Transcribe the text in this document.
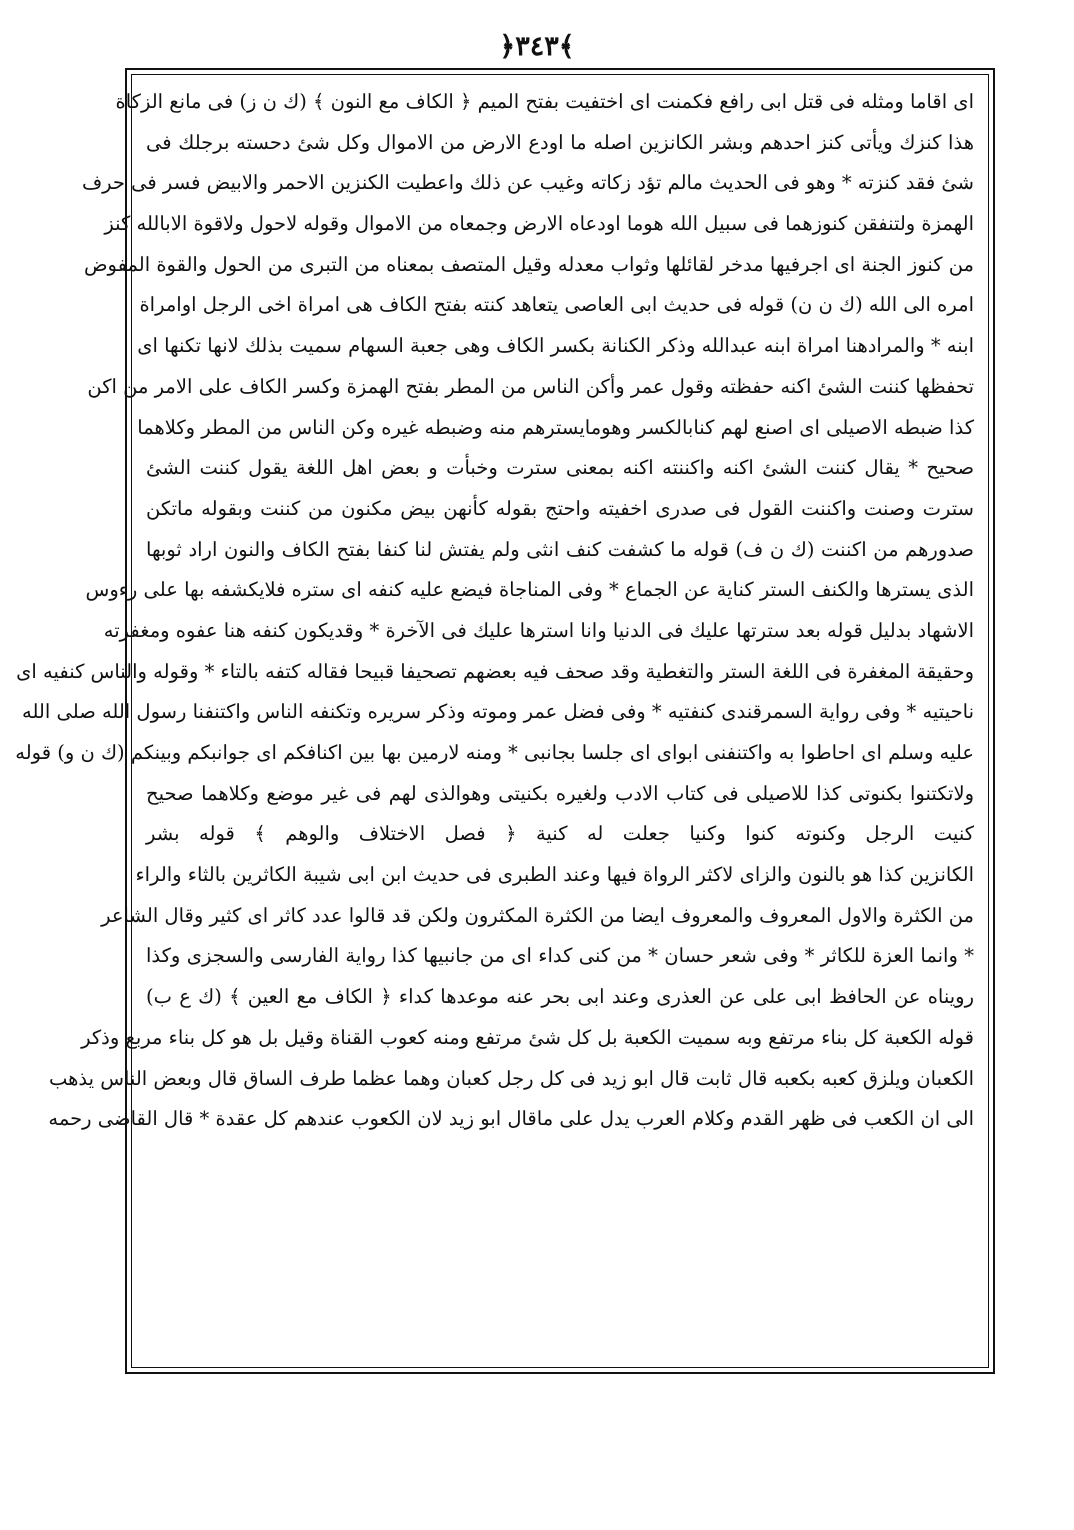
﴿٣٤٣﴾
اى اقاما ومثله فى قتل ابى رافع فكمنت اى اختفيت بفتح الميم ﴿ الكاف مع النون ﴾ (ك ن ز) فى مانع الزكاة
هذا كنزك ويأتى كنز احدهم وبشر الكانزين اصله ما اودع الارض من الاموال وكل شئ دحسته برجلك فى
شئ فقد كنزته * وهو فى الحديث مالم تؤد زكاته وغيب عن ذلك واعطيت الكنزين الاحمر والابيض فسر فى حرف
الهمزة ولتنفقن كنوزهما فى سبيل الله هوما اودعاه الارض وجمعاه من الاموال وقوله لاحول ولاقوة الابالله كنز
من كنوز الجنة اى اجرفيها مدخر لقائلها وثواب معدله وقيل المتصف بمعناه من التبرى من الحول والقوة المفوض
امره الى الله (ك ن ن) قوله فى حديث ابى العاصى يتعاهد كنته بفتح الكاف هى امراة اخى الرجل اوامراة
ابنه * والمرادهنا امراة ابنه عبدالله وذكر الكنانة بكسر الكاف وهى جعبة السهام سميت بذلك لانها تكنها اى
تحفظها كننت الشئ اكنه حفظته وقول عمر وأكن الناس من المطر بفتح الهمزة وكسر الكاف على الامر من اكن
كذا ضبطه الاصيلى اى اصنع لهم كنابالكسر وهومايسترهم منه وضبطه غيره وكن الناس من المطر وكلاهما
صحيح * يقال كننت الشئ اكنه واكننته اكنه بمعنى سترت وخبأت و بعض اهل اللغة يقول كننت الشئ
سترت وصنت واكننت القول فى صدرى اخفيته واحتج بقوله كأنهن بيض مكنون من كننت وبقوله ماتكن
صدورهم من اكننت (ك ن ف) قوله ما كشفت كنف انثى ولم يفتش لنا كنفا بفتح الكاف والنون اراد ثوبها
الذى يسترها والكنف الستر كناية عن الجماع * وفى المناجاة فيضع عليه كنفه اى ستره فلايكشفه بها على رءوس
الاشهاد بدليل قوله بعد سترتها عليك فى الدنيا وانا استرها عليك فى الآخرة * وقديكون كنفه هنا عفوه ومغفرته
وحقيقة المغفرة فى اللغة الستر والتغطية وقد صحف فيه بعضهم تصحيفا قبيحا فقاله كتفه بالتاء * وقوله والناس كنفيه اى
ناحيتيه * وفى رواية السمرقندى كنفتيه * وفى فضل عمر وموته وذكر سريره وتكنفه الناس واكتنفنا رسول الله صلى الله
عليه وسلم اى احاطوا به واكتنفنى ابواى اى جلسا بجانبى * ومنه لارمين بها بين اكنافكم اى جوانبكم وبينكم (ك ن و) قوله
ولاتكتنوا بكنوتى كذا للاصيلى فى كتاب الادب ولغيره بكنيتى وهوالذى لهم فى غير موضع وكلاهما صحيح
كنيت الرجل وكنوته كنوا وكنيا جعلت له كنية ﴿ فصل الاختلاف والوهم ﴾ قوله بشر
الكانزين كذا هو بالنون والزاى لاكثر الرواة فيها وعند الطبرى فى حديث ابن ابى شيبة الكاثرين بالثاء والراء
من الكثرة والاول المعروف والمعروف ايضا من الكثرة المكثرون ولكن قد قالوا عدد كاثر اى كثير وقال الشاعر
* وانما العزة للكاثر * وفى شعر حسان * من كنى كداء اى من جانبيها كذا رواية الفارسى والسجزى وكذا
رويناه عن الحافظ ابى على عن العذرى وعند ابى بحر عنه موعدها كداء ﴿ الكاف مع العين ﴾ (ك ع ب)
قوله الكعبة كل بناء مرتفع وبه سميت الكعبة بل كل شئ مرتفع ومنه كعوب القناة وقيل بل هو كل بناء مربع وذكر
الكعبان ويلزق كعبه بكعبه قال ثابت قال ابو زيد فى كل رجل كعبان وهما عظما طرف الساق قال وبعض الناس يذهب
الى ان الكعب فى ظهر القدم وكلام العرب يدل على ماقال ابو زيد لان الكعوب عندهم كل عقدة * قال القاضى رحمه
